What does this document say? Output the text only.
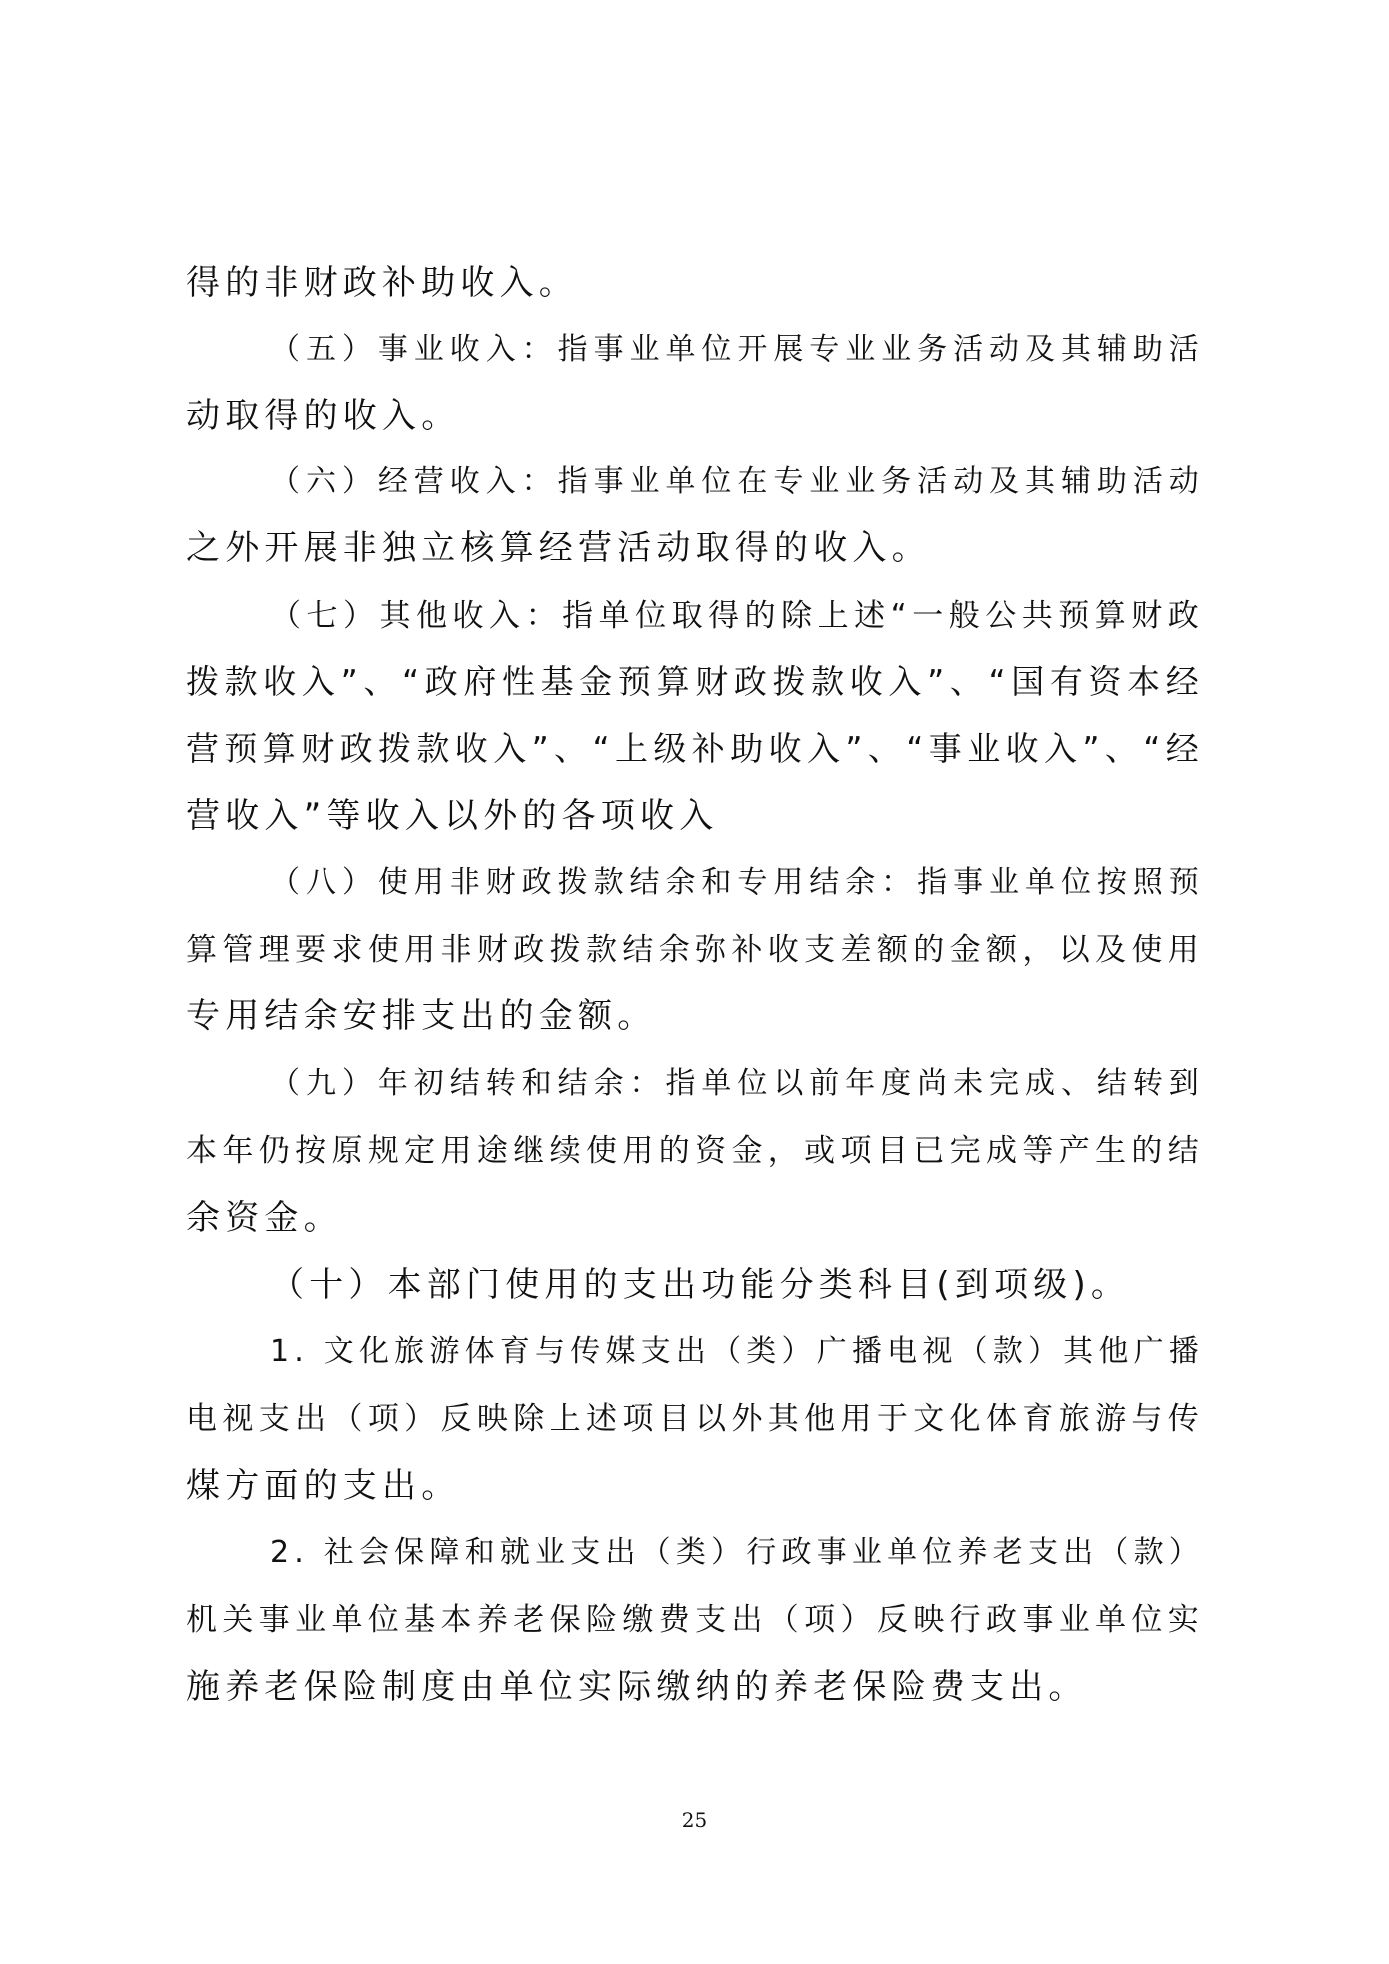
得的非财政补助收入。
（五）事业收入：指事业单位开展专业业务活动及其辅助活
动取得的收入。
（六）经营收入：指事业单位在专业业务活动及其辅助活动
之外开展非独立核算经营活动取得的收入。
（七）其他收入：指单位取得的除上述“一般公共预算财政
拨款收入”、“政府性基金预算财政拨款收入”、“国有资本经
营预算财政拨款收入”、“上级补助收入”、“事业收入”、“经
营收入”等收入以外的各项收入
（八）使用非财政拨款结余和专用结余：指事业单位按照预
算管理要求使用非财政拨款结余弥补收支差额的金额，以及使用
专用结余安排支出的金额。
（九）年初结转和结余：指单位以前年度尚未完成、结转到
本年仍按原规定用途继续使用的资金，或项目已完成等产生的结
余资金。
（十）本部门使用的支出功能分类科目(到项级)。
1. 文化旅游体育与传媒支出（类）广播电视（款）其他广播
电视支出（项）反映除上述项目以外其他用于文化体育旅游与传
煤方面的支出。
2. 社会保障和就业支出（类）行政事业单位养老支出（款）
机关事业单位基本养老保险缴费支出（项）反映行政事业单位实
施养老保险制度由单位实际缴纳的养老保险费支出。
25
